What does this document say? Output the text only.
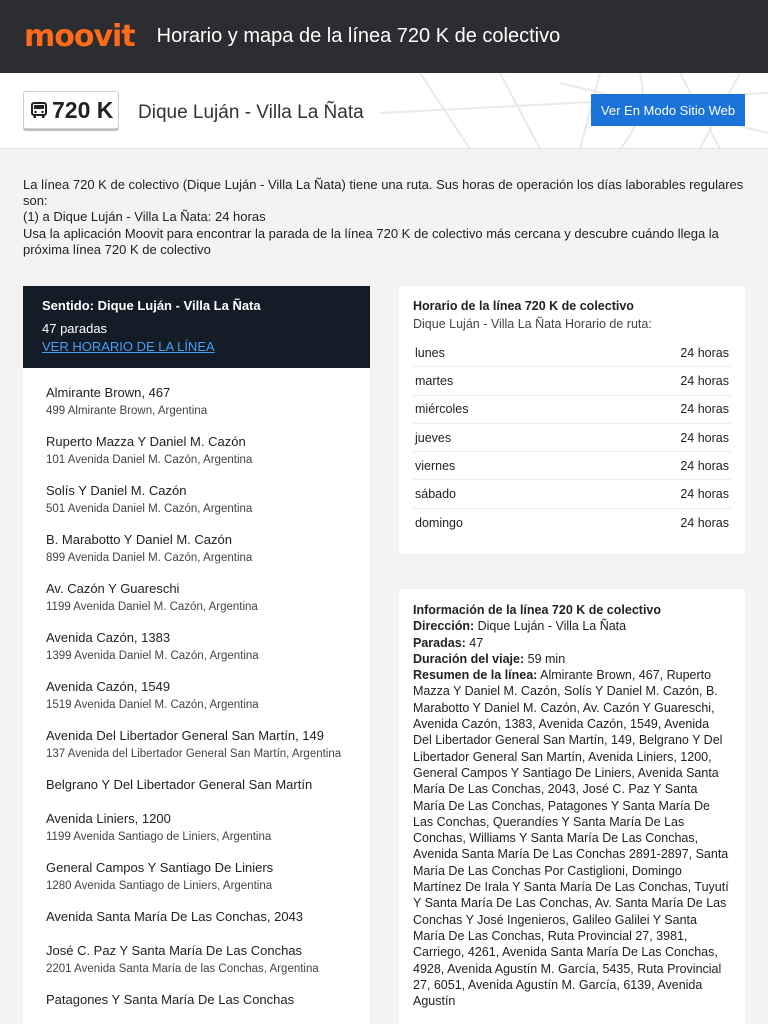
moovit Horario y mapa de la línea 720 K de colectivo
720 K Dique Luján - Villa La Ñata	Ver En Modo Sitio Web
La línea 720 K de colectivo (Dique Luján - Villa La Ñata) tiene una ruta. Sus horas de operación los días laborables regulares son:
(1) a Dique Luján - Villa La Ñata: 24 horas
Usa la aplicación Moovit para encontrar la parada de la línea 720 K de colectivo más cercana y descubre cuándo llega la próxima línea 720 K de colectivo
Sentido: Dique Luján - Villa La Ñata
47 paradas
VER HORARIO DE LA LÍNEA
Almirante Brown, 467
499 Almirante Brown, Argentina
Ruperto Mazza Y Daniel M. Cazón
101 Avenida Daniel M. Cazón, Argentina
Solís Y Daniel M. Cazón
501 Avenida Daniel M. Cazón, Argentina
B. Marabotto Y Daniel M. Cazón
899 Avenida Daniel M. Cazón, Argentina
Av. Cazón Y Guareschi
1199 Avenida Daniel M. Cazón, Argentina
Avenida Cazón, 1383
1399 Avenida Daniel M. Cazón, Argentina
Avenida Cazón, 1549
1519 Avenida Daniel M. Cazón, Argentina
Avenida Del Libertador General San Martín, 149
137 Avenida del Libertador General San Martín, Argentina
Belgrano Y Del Libertador General San Martín
Avenida Liniers, 1200
1199 Avenida Santiago de Liniers, Argentina
General Campos Y Santiago De Liniers
1280 Avenida Santiago de Liniers, Argentina
Avenida Santa María De Las Conchas, 2043
José C. Paz Y Santa María De Las Conchas
2201 Avenida Santa María de las Conchas, Argentina
Patagones Y Santa María De Las Conchas
Horario de la línea 720 K de colectivo
Dique Luján - Villa La Ñata Horario de ruta:
lunes	24 horas
martes	24 horas
miércoles	24 horas
jueves	24 horas
viernes	24 horas
sábado	24 horas
domingo	24 horas
Información de la línea 720 K de colectivo
Dirección: Dique Luján - Villa La Ñata
Paradas: 47
Duración del viaje: 59 min
Resumen de la línea: Almirante Brown, 467, Ruperto Mazza Y Daniel M. Cazón, Solís Y Daniel M. Cazón, B. Marabotto Y Daniel M. Cazón, Av. Cazón Y Guareschi, Avenida Cazón, 1383, Avenida Cazón, 1549, Avenida Del Libertador General San Martín, 149, Belgrano Y Del Libertador General San Martín, Avenida Liniers, 1200, General Campos Y Santiago De Liniers, Avenida Santa María De Las Conchas, 2043, José C. Paz Y Santa María De Las Conchas, Patagones Y Santa María De Las Conchas, Querandíes Y Santa María De Las Conchas, Williams Y Santa María De Las Conchas, Avenida Santa María De Las Conchas 2891-2897, Santa María De Las Conchas Por Castiglioni, Domingo Martínez De Irala Y Santa María De Las Conchas, Tuyutí Y Santa María De Las Conchas, Av. Santa María De Las Conchas Y José Ingenieros, Galileo Galilei Y Santa María De Las Conchas, Ruta Provincial 27, 3981, Carriego, 4261, Avenida Santa María De Las Conchas, 4928, Avenida Agustín M. García, 5435, Ruta Provincial 27, 6051, Avenida Agustín M. García, 6139, Avenida Agustín
